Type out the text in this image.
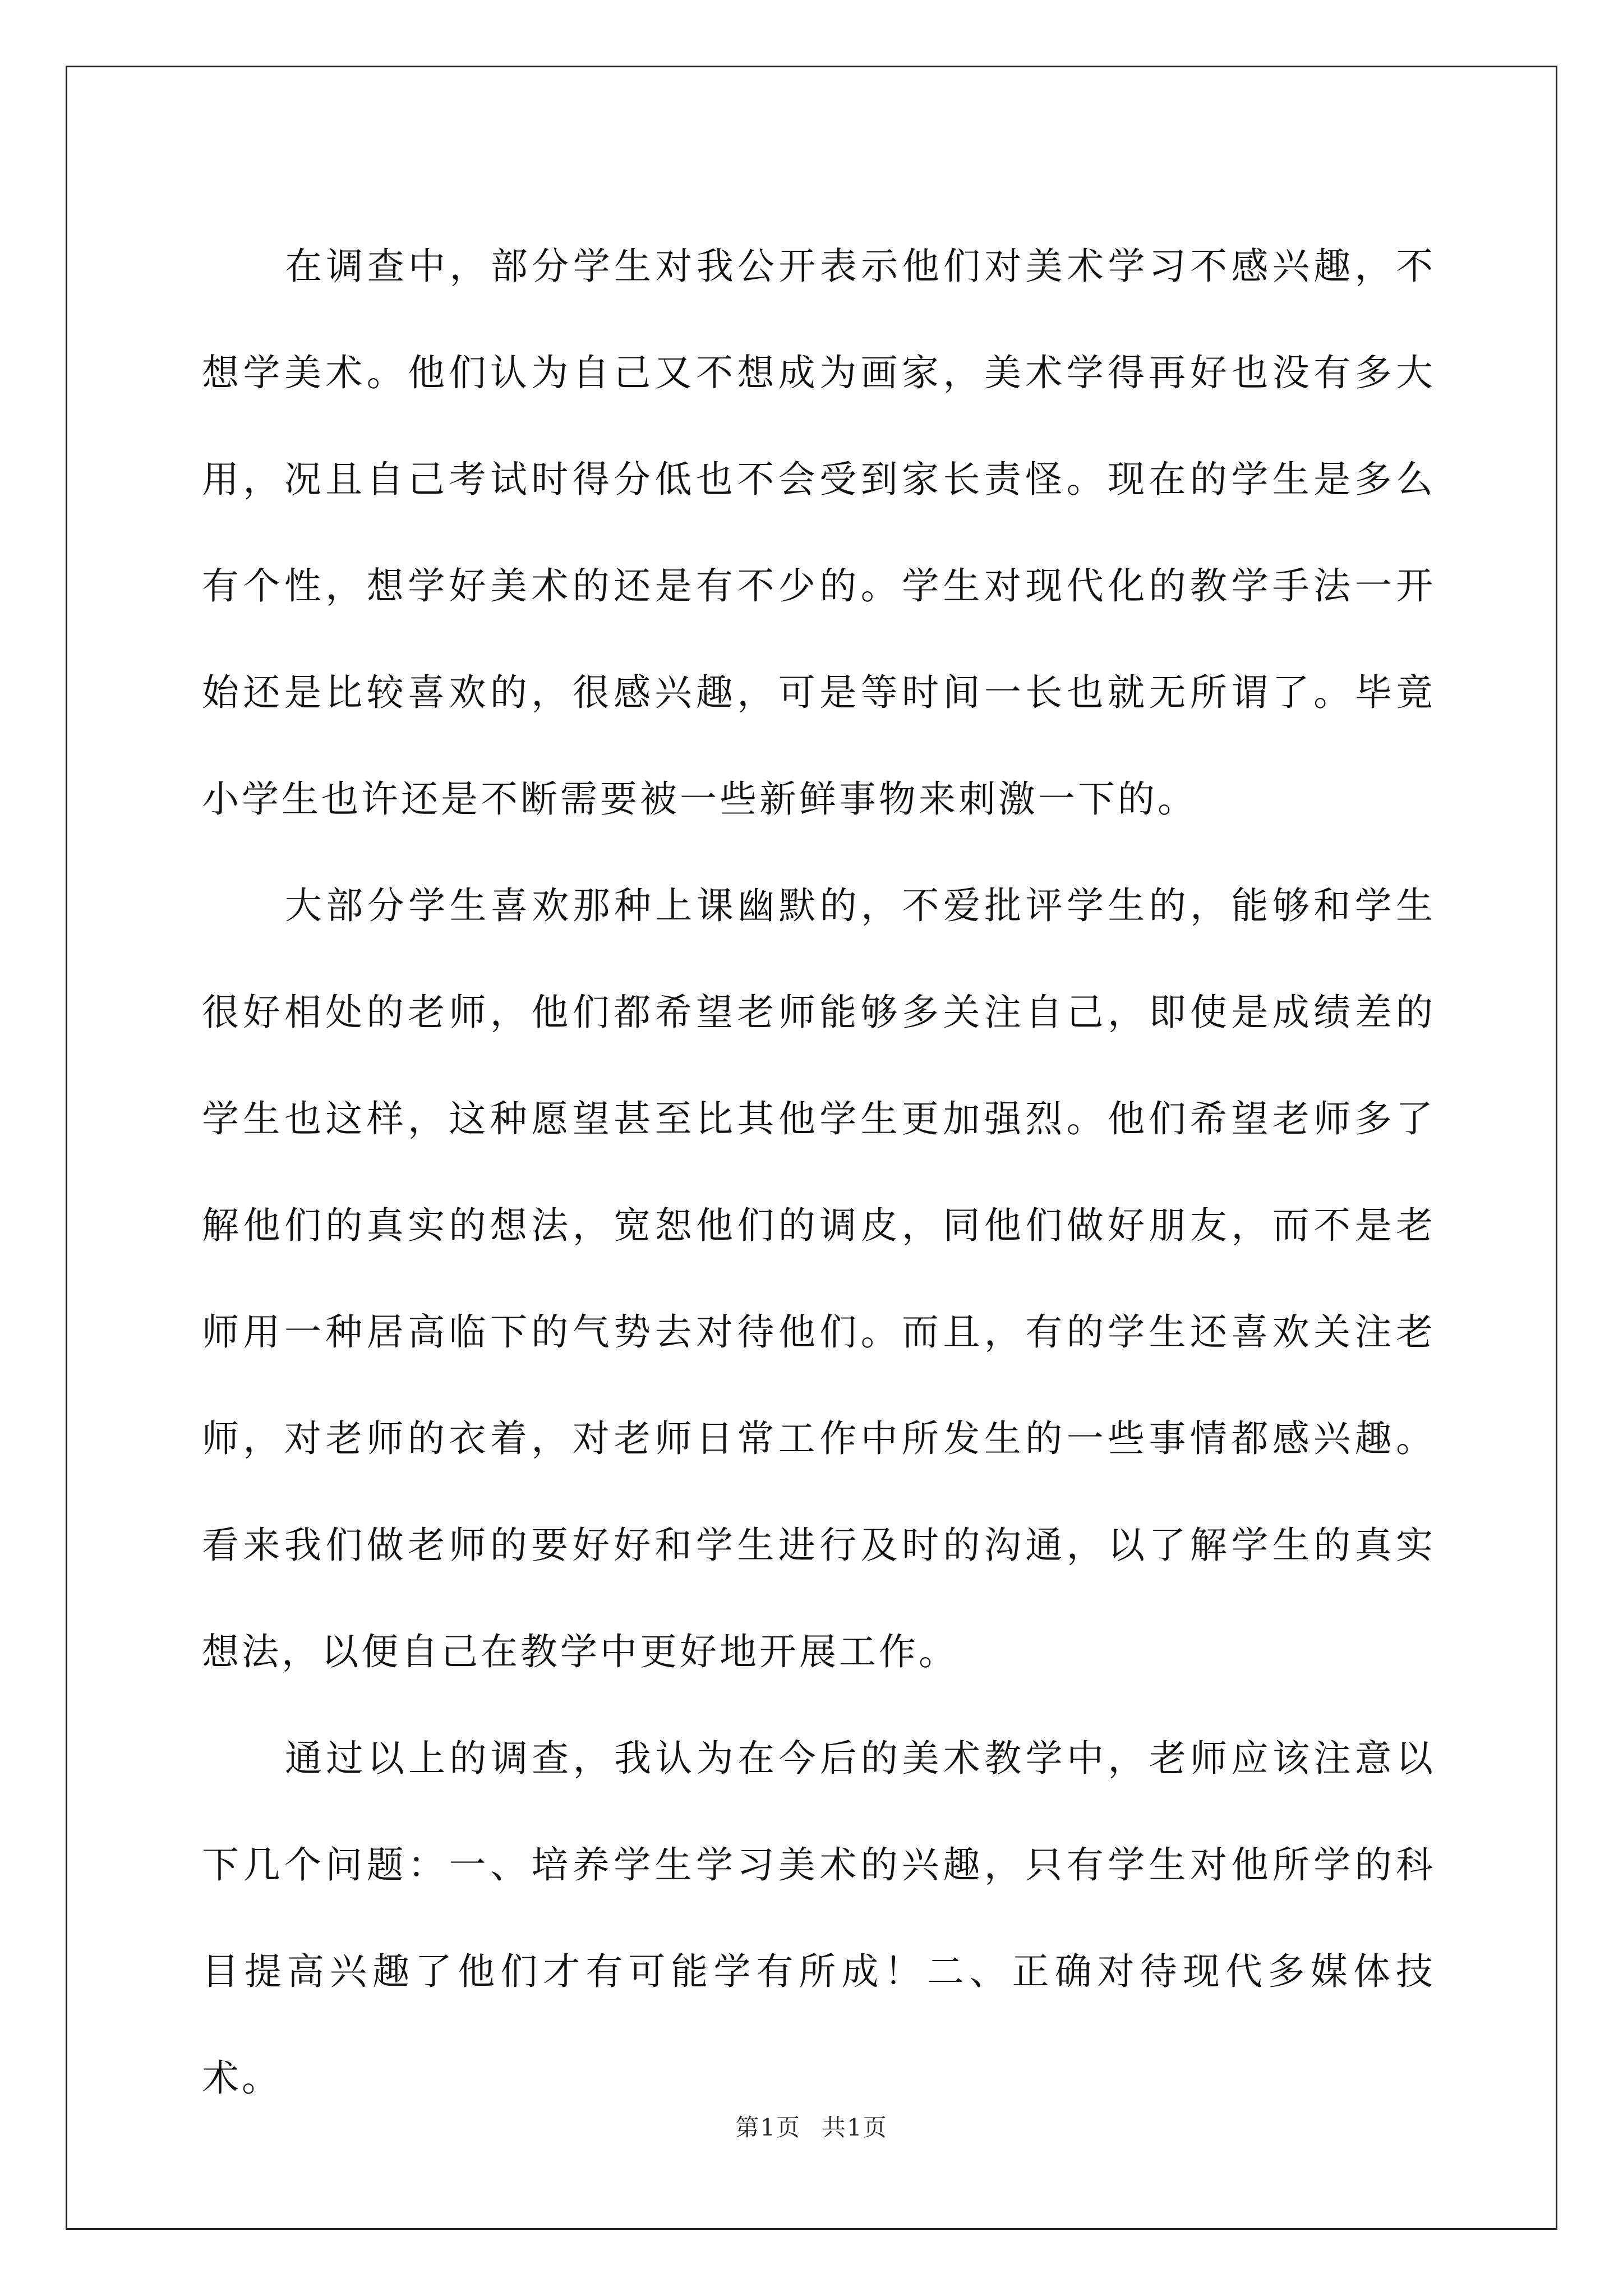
在调查中，部分学生对我公开表示他们对美术学习不感兴趣，不想学美术。他们认为自己又不想成为画家，美术学得再好也没有多大用，况且自己考试时得分低也不会受到家长责怪。现在的学生是多么有个性，想学好美术的还是有不少的。学生对现代化的教学手法一开始还是比较喜欢的，很感兴趣，可是等时间一长也就无所谓了。毕竟小学生也许还是不断需要被一些新鲜事物来刺激一下的。

大部分学生喜欢那种上课幽默的，不爱批评学生的，能够和学生很好相处的老师，他们都希望老师能够多关注自己，即使是成绩差的学生也这样，这种愿望甚至比其他学生更加强烈。他们希望老师多了解他们的真实的想法，宽恕他们的调皮，同他们做好朋友，而不是老师用一种居高临下的气势去对待他们。而且，有的学生还喜欢关注老师，对老师的衣着，对老师日常工作中所发生的一些事情都感兴趣。看来我们做老师的要好好和学生进行及时的沟通，以了解学生的真实想法，以便自己在教学中更好地开展工作。

通过以上的调查，我认为在今后的美术教学中，老师应该注意以下几个问题：一、培养学生学习美术的兴趣，只有学生对他所学的科目提高兴趣了他们才有可能学有所成！二、正确对待现代多媒体技术。

第1页 共1页
